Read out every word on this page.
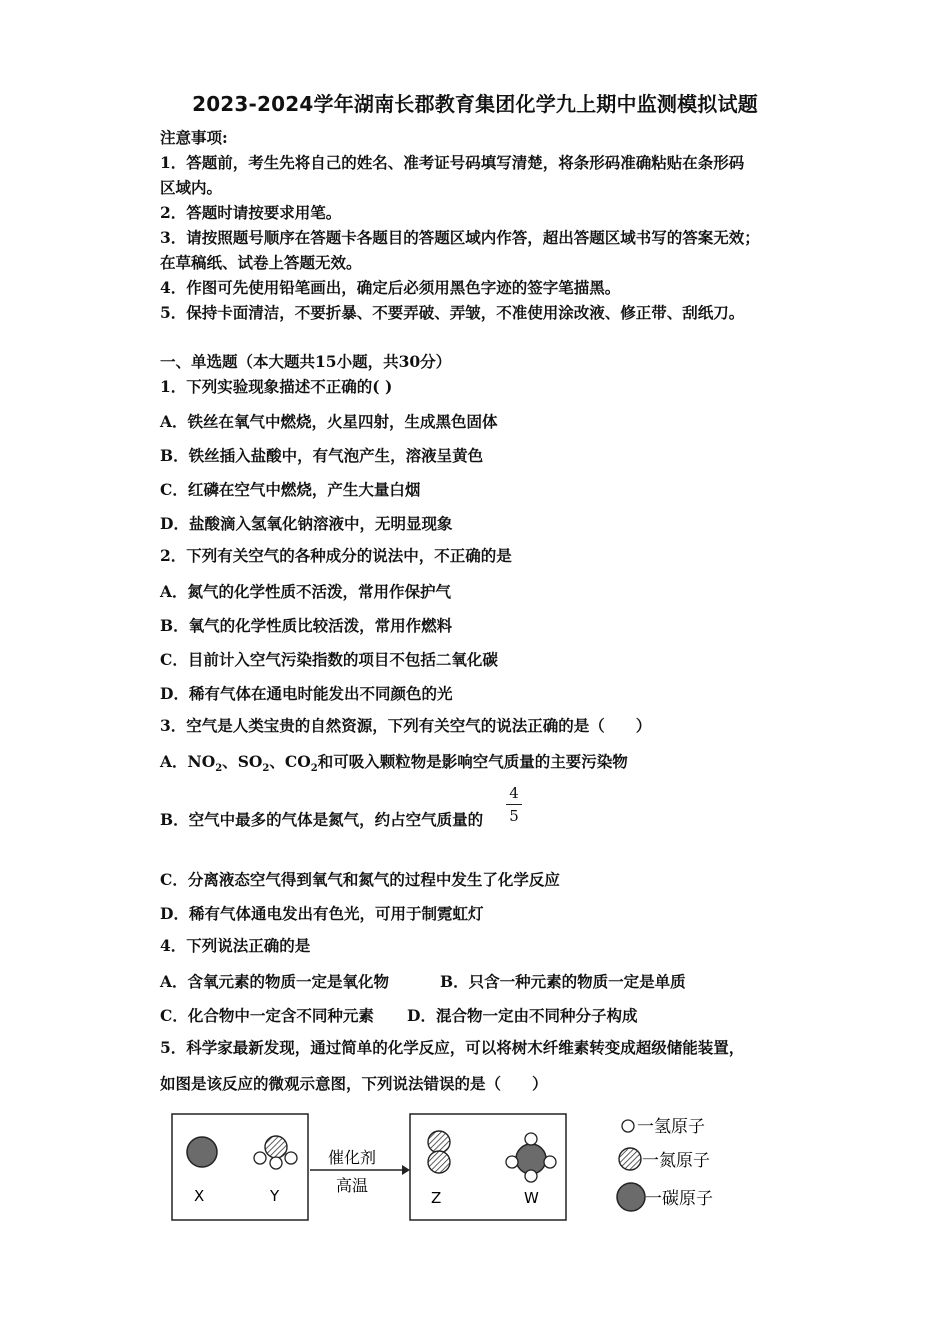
2023-2024学年湖南长郡教育集团化学九上期中监测模拟试题
注意事项:
1．答题前，考生先将自己的姓名、准考证号码填写清楚，将条形码准确粘贴在条形码
区域内。
2．答题时请按要求用笔。
3．请按照题号顺序在答题卡各题目的答题区域内作答，超出答题区域书写的答案无效；
在草稿纸、试卷上答题无效。
4．作图可先使用铅笔画出，确定后必须用黑色字迹的签字笔描黑。
5．保持卡面清洁，不要折暴、不要弄破、弄皱，不准使用涂改液、修正带、刮纸刀。
一、单选题（本大题共15小题，共30分）
1．下列实验现象描述不正确的( )
A．铁丝在氧气中燃烧，火星四射，生成黑色固体
B．铁丝插入盐酸中，有气泡产生，溶液呈黄色
C．红磷在空气中燃烧，产生大量白烟
D．盐酸滴入氢氧化钠溶液中，无明显现象
2．下列有关空气的各种成分的说法中，不正确的是
A．氮气的化学性质不活泼，常用作保护气
B．氧气的化学性质比较活泼，常用作燃料
C．目前计入空气污染指数的项目不包括二氧化碳
D．稀有气体在通电时能发出不同颜色的光
3．空气是人类宝贵的自然资源，下列有关空气的说法正确的是（　　）
A．$NO_2$、$SO_2$、$CO_2$和可吸入颗粒物是影响空气质量的主要污染物
B．空气中最多的气体是氮气，约占空气质量的
4
5
C．分离液态空气得到氧气和氮气的过程中发生了化学反应
D．稀有气体通电发出有色光，可用于制霓虹灯
4．下列说法正确的是
A．含氧元素的物质一定是氧化物	B．只含一种元素的物质一定是单质
C．化合物中一定含不同种元素 D．混合物一定由不同种分子构成
5．科学家最新发现，通过简单的化学反应，可以将树木纤维素转变成超级储能装置，
如图是该反应的微观示意图，下列说法错误的是（　　）
X	Y
催化剂
高温
Z	W
一氢原子
一氮原子
一碳原子
